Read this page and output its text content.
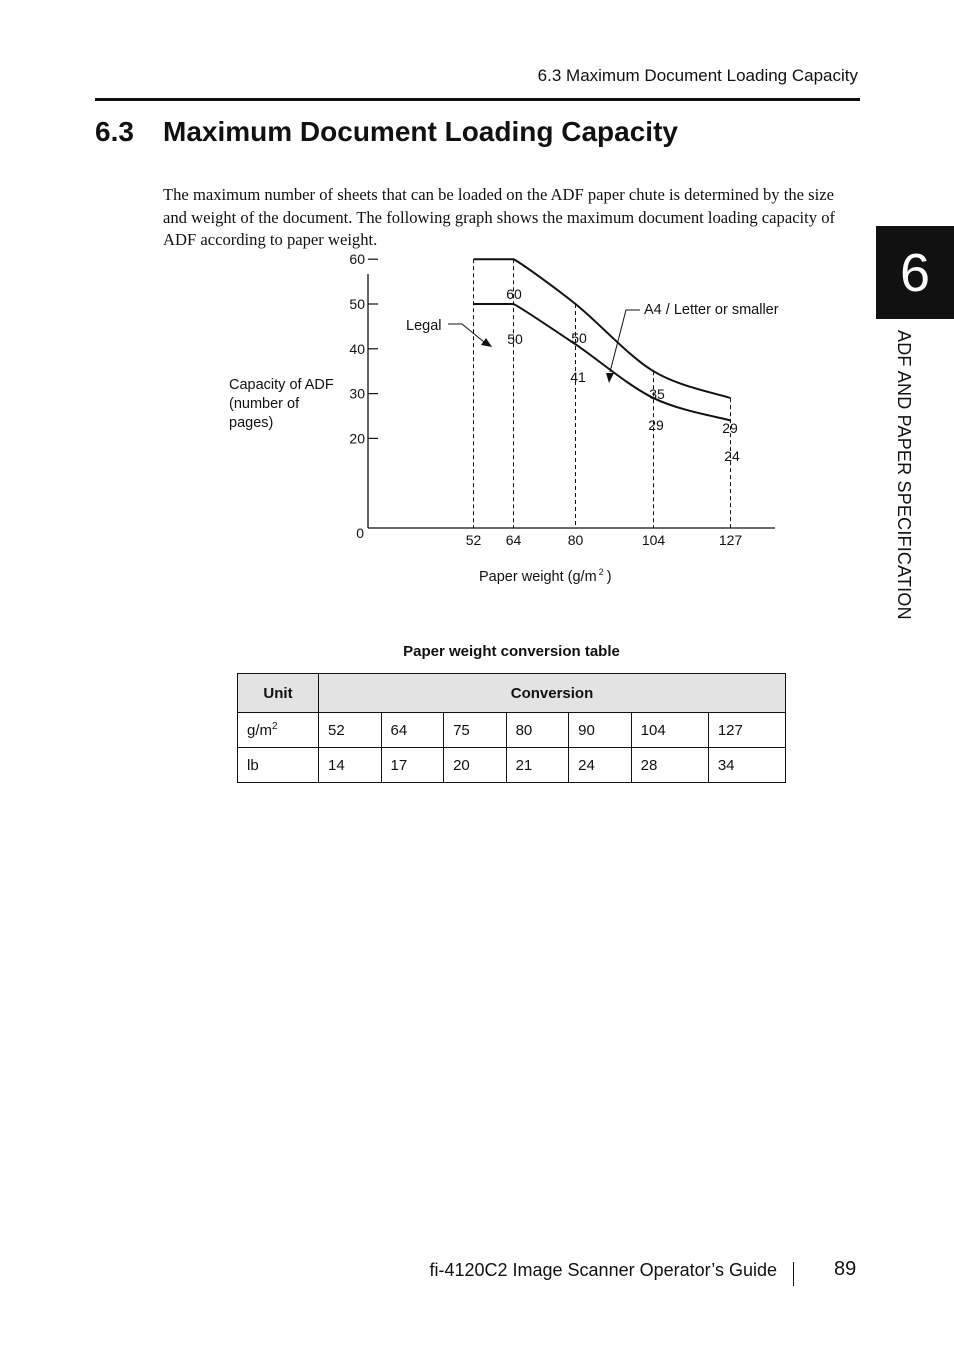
6.3 Maximum Document Loading Capacity
6.3 Maximum Document Loading Capacity

The maximum number of sheets that can be loaded on the ADF paper chute is determined by the size and weight of the document. The following graph shows the maximum document loading capacity of ADF according to paper weight.

6
ADF AND PAPER SPECIFICATION
20
30
40
50
60
0	52 64	80	104	127
60
50
35
29
50
41
29
24
A4 / Letter or smaller
Legal
Capacity of ADF
(number of
pages)
Paper weight (g/m $^2$ )
Paper weight conversion table
Unit	Conversion						
$g/m^2$	52	64	75	80	90	104	127
lb	14	17	20	21	24	28	34
fi-4120C2 Image Scanner Operator’s Guide	89
